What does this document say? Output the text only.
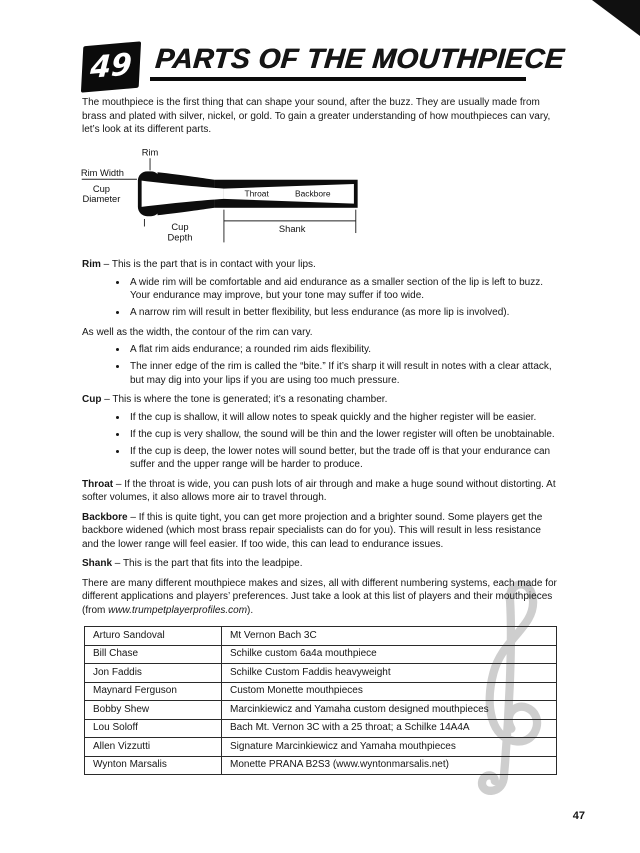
49 PARTS OF THE MOUTHPIECE

The mouthpiece is the first thing that can shape your sound, after the buzz. They are usually made from brass and plated with silver, nickel, or gold. To gain a greater understanding of how mouthpieces can vary, let’s look at its different parts.

Rim
Rim Width
Cup
Diameter
Throat	Backbore
Shank
Cup
Depth

Rim – This is the part that is in contact with your lips.

• A wide rim will be comfortable and aid endurance as a smaller section of the lip is left to buzz. Your endurance may improve, but your tone may suffer if too wide.
• A narrow rim will result in better flexibility, but less endurance (as more lip is involved).

As well as the width, the contour of the rim can vary.

• A flat rim aids endurance; a rounded rim aids flexibility.
• The inner edge of the rim is called the “bite.” If it’s sharp it will result in notes with a clear attack, but may dig into your lips if you are using too much pressure.

Cup – This is where the tone is generated; it’s a resonating chamber.

• If the cup is shallow, it will allow notes to speak quickly and the higher register will be easier.
• If the cup is very shallow, the sound will be thin and the lower register will often be unobtainable.
• If the cup is deep, the lower notes will sound better, but the trade off is that your endurance can suffer and the upper range will be harder to produce.

Throat – If the throat is wide, you can push lots of air through and make a huge sound without distorting. At softer volumes, it also allows more air to travel through.

Backbore – If this is quite tight, you can get more projection and a brighter sound. Some players get the backbore widened (which most brass repair specialists can do for you). This will result in less resistance and the lower range will feel easier. If too wide, this can lead to endurance issues.

Shank – This is the part that fits into the leadpipe.

There are many different mouthpiece makes and sizes, all with different numbering systems, each made for different applications and players’ preferences. Just take a look at this list of players and their mouthpieces (from www.trumpetplayerprofiles.com).

Arturo Sandoval	Mt Vernon Bach 3C
Bill Chase	Schilke custom 6a4a mouthpiece
Jon Faddis	Schilke Custom Faddis heavyweight
Maynard Ferguson	Custom Monette mouthpieces
Bobby Shew	Marcinkiewicz and Yamaha custom designed mouthpieces
Lou Soloff	Bach Mt. Vernon 3C with a 25 throat; a Schilke 14A4A
Allen Vizzutti	Signature Marcinkiewicz and Yamaha mouthpieces
Wynton Marsalis	Monette PRANA B2S3 (www.wyntonmarsalis.net)
47
